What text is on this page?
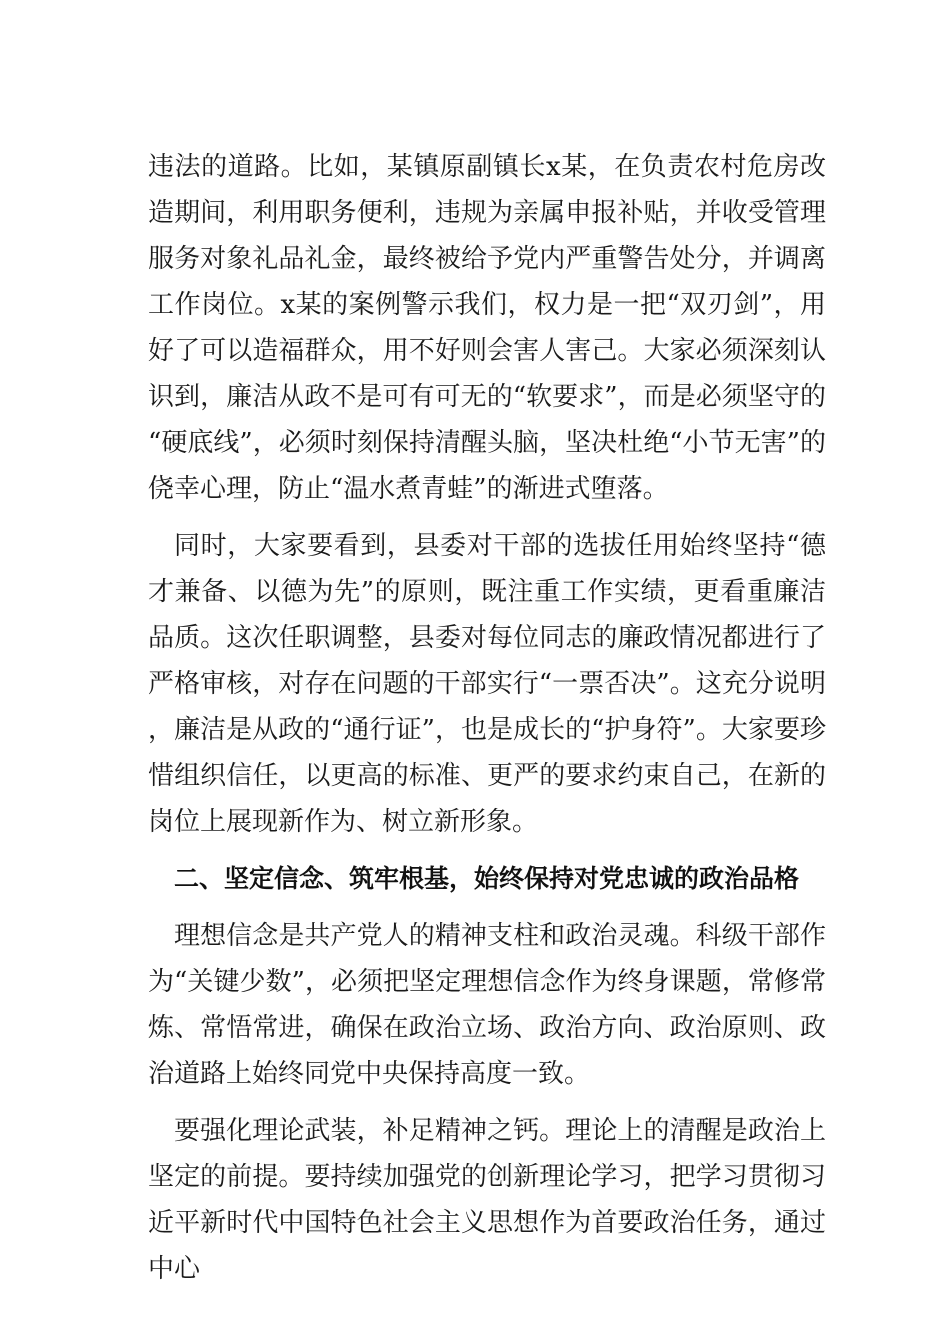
违法的道路。比如，某镇原副镇长x某，在负责农村危房改造期间，利用职务便利，违规为亲属申报补贴，并收受管理服务对象礼品礼金，最终被给予党内严重警告处分，并调离工作岗位。x某的案例警示我们，权力是一把“双刃剑”，用好了可以造福群众，用不好则会害人害己。大家必须深刻认识到，廉洁从政不是可有可无的“软要求”，而是必须坚守的“硬底线”，必须时刻保持清醒头脑，坚决杜绝“小节无害”的侥幸心理，防止“温水煮青蛙”的渐进式堕落。

同时，大家要看到，县委对干部的选拔任用始终坚持“德才兼备、以德为先”的原则，既注重工作实绩，更看重廉洁品质。这次任职调整，县委对每位同志的廉政情况都进行了严格审核，对存在问题的干部实行“一票否决”。这充分说明，廉洁是从政的“通行证”，也是成长的“护身符”。大家要珍惜组织信任，以更高的标准、更严的要求约束自己，在新的岗位上展现新作为、树立新形象。

二、坚定信念、筑牢根基，始终保持对党忠诚的政治品格

理想信念是共产党人的精神支柱和政治灵魂。科级干部作为“关键少数”，必须把坚定理想信念作为终身课题，常修常炼、常悟常进，确保在政治立场、政治方向、政治原则、政治道路上始终同党中央保持高度一致。

要强化理论武装，补足精神之钙。理论上的清醒是政治上坚定的前提。要持续加强党的创新理论学习，把学习贯彻习近平新时代中国特色社会主义思想作为首要政治任务，通过中心
